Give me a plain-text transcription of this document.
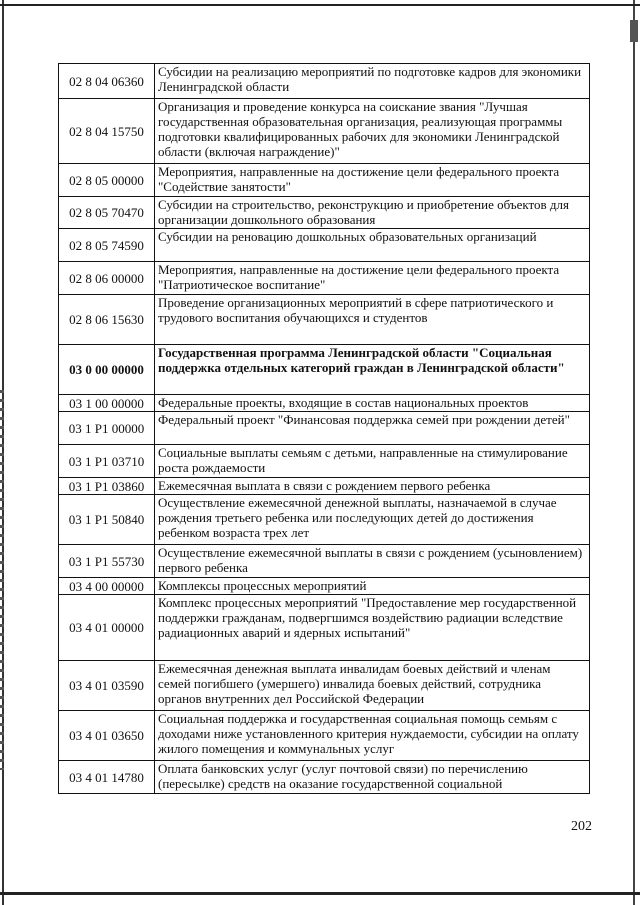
02 8 04 06360	Субсидии на реализацию мероприятий по подготовке кадров для экономики Ленинградской области
02 8 04 15750	Организация и проведение конкурса на соискание звания "Лучшая государственная образовательная организация, реализующая программы подготовки квалифицированных рабочих для экономики Ленинградской области (включая награждение)"
02 8 05 00000	Мероприятия, направленные на достижение цели федерального проекта "Содействие занятости"
02 8 05 70470	Субсидии на строительство, реконструкцию и приобретение объектов для организации дошкольного образования
02 8 05 74590	Субсидии на реновацию дошкольных образовательных организаций
02 8 06 00000	Мероприятия, направленные на достижение цели федерального проекта "Патриотическое воспитание"
02 8 06 15630	Проведение организационных мероприятий в сфере патриотического и трудового воспитания обучающихся и студентов
03 0 00 00000	Государственная программа Ленинградской области "Социальная поддержка отдельных категорий граждан в Ленинградской области"
03 1 00 00000	Федеральные проекты, входящие в состав национальных проектов
03 1 P1 00000	Федеральный проект "Финансовая поддержка семей при рождении детей"
03 1 P1 03710	Социальные выплаты семьям с детьми, направленные на стимулирование роста рождаемости
03 1 P1 03860	Ежемесячная выплата в связи с рождением первого ребенка
03 1 P1 50840	Осуществление ежемесячной денежной выплаты, назначаемой в случае рождения третьего ребенка или последующих детей до достижения ребенком возраста трех лет
03 1 P1 55730	Осуществление ежемесячной выплаты в связи с рождением (усыновлением) первого ребенка
03 4 00 00000	Комплексы процессных мероприятий
03 4 01 00000	Комплекс процессных мероприятий "Предоставление мер государственной поддержки гражданам, подвергшимся воздействию радиации вследствие радиационных аварий и ядерных испытаний"
03 4 01 03590	Ежемесячная денежная выплата инвалидам боевых действий и членам семей погибшего (умершего) инвалида боевых действий, сотрудника органов внутренних дел Российской Федерации
03 4 01 03650	Социальная поддержка и государственная социальная помощь семьям с доходами ниже установленного критерия нуждаемости, субсидии на оплату жилого помещения и коммунальных услуг
03 4 01 14780	Оплата банковских услуг (услуг почтовой связи) по перечислению (пересылке) средств на оказание государственной социальной
202
